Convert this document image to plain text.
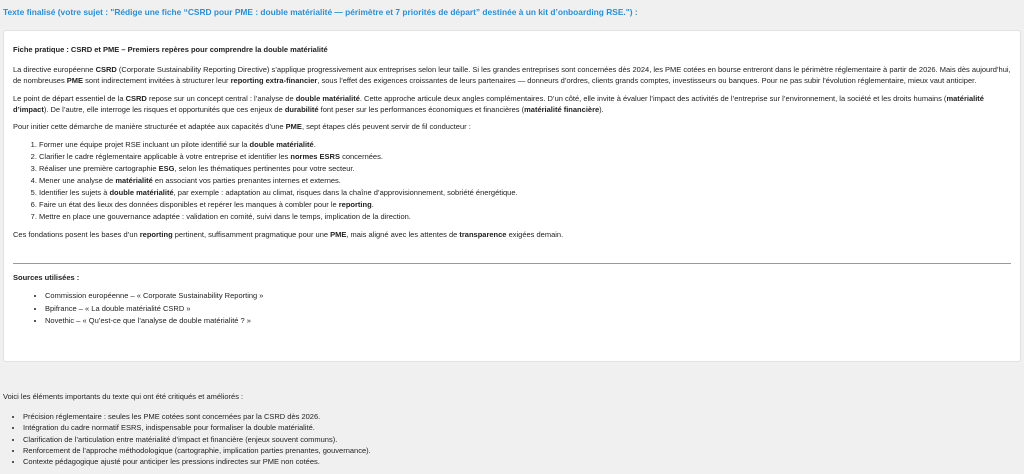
Texte finalisé (votre sujet : "Rédige une fiche “CSRD pour PME : double matérialité — périmètre et 7 priorités de départ” destinée à un kit d’onboarding RSE.") :

Fiche pratique : CSRD et PME – Premiers repères pour comprendre la double matérialité

La directive européenne CSRD (Corporate Sustainability Reporting Directive) s’applique progressivement aux entreprises selon leur taille. Si les grandes entreprises sont concernées dès 2024, les PME cotées en bourse entreront dans le périmètre réglementaire à partir de 2026. Mais dès aujourd’hui, de nombreuses PME sont indirectement invitées à structurer leur reporting extra-financier, sous l’effet des exigences croissantes de leurs partenaires — donneurs d’ordres, clients grands comptes, investisseurs ou banques. Pour ne pas subir l’évolution réglementaire, mieux vaut anticiper.

Le point de départ essentiel de la CSRD repose sur un concept central : l’analyse de double matérialité. Cette approche articule deux angles complémentaires. D’un côté, elle invite à évaluer l’impact des activités de l’entreprise sur l’environnement, la société et les droits humains (matérialité d’impact). De l’autre, elle interroge les risques et opportunités que ces enjeux de durabilité font peser sur les performances économiques et financières (matérialité financière).

Pour initier cette démarche de manière structurée et adaptée aux capacités d’une PME, sept étapes clés peuvent servir de fil conducteur :

1. Former une équipe projet RSE incluant un pilote identifié sur la double matérialité.
2. Clarifier le cadre réglementaire applicable à votre entreprise et identifier les normes ESRS concernées.
3. Réaliser une première cartographie ESG, selon les thématiques pertinentes pour votre secteur.
4. Mener une analyse de matérialité en associant vos parties prenantes internes et externes.
5. Identifier les sujets à double matérialité, par exemple : adaptation au climat, risques dans la chaîne d’approvisionnement, sobriété énergétique.
6. Faire un état des lieux des données disponibles et repérer les manques à combler pour le reporting.
7. Mettre en place une gouvernance adaptée : validation en comité, suivi dans le temps, implication de la direction.

Ces fondations posent les bases d’un reporting pertinent, suffisamment pragmatique pour une PME, mais aligné avec les attentes de transparence exigées demain.

Sources utilisées :

• Commission européenne – « Corporate Sustainability Reporting »
• Bpifrance – « La double matérialité CSRD »
• Novethic – « Qu’est-ce que l’analyse de double matérialité ? »

Voici les éléments importants du texte qui ont été critiqués et améliorés :

• Précision réglementaire : seules les PME cotées sont concernées par la CSRD dès 2026.
• Intégration du cadre normatif ESRS, indispensable pour formaliser la double matérialité.
• Clarification de l’articulation entre matérialité d’impact et financière (enjeux souvent communs).
• Renforcement de l’approche méthodologique (cartographie, implication parties prenantes, gouvernance).
• Contexte pédagogique ajusté pour anticiper les pressions indirectes sur PME non cotées.
